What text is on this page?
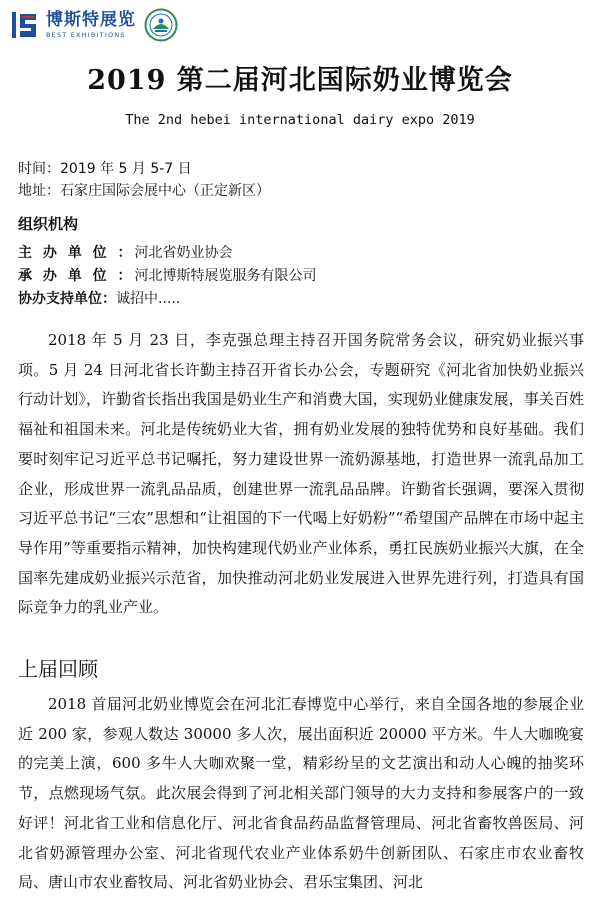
博斯特展览
BEST EXHIBITIONS
2019 第二届河北国际奶业博览会
The 2nd hebei international dairy expo 2019
时间：2019 年 5 月 5-7 日
地址：石家庄国际会展中心（正定新区）
组织机构
主 办 单 位 ：河北省奶业协会
承 办 单 位 ：河北博斯特展览服务有限公司
协办支持单位：诚招中.....
2018 年 5 月 23 日，李克强总理主持召开国务院常务会议，研究奶业振兴事项。5 月 24 日河北省长许勤主持召开省长办公会，专题研究《河北省加快奶业振兴行动计划》，许勤省长指出我国是奶业生产和消费大国，实现奶业健康发展，事关百姓福祉和祖国未来。河北是传统奶业大省，拥有奶业发展的独特优势和良好基础。我们要时刻牢记习近平总书记嘱托，努力建设世界一流奶源基地，打造世界一流乳品加工企业，形成世界一流乳品品质，创建世界一流乳品品牌。许勤省长强调，要深入贯彻习近平总书记“三农”思想和“让祖国的下一代喝上好奶粉”“希望国产品牌在市场中起主导作用”等重要指示精神，加快构建现代奶业产业体系，勇扛民族奶业振兴大旗，在全国率先建成奶业振兴示范省，加快推动河北奶业发展进入世界先进行列，打造具有国际竞争力的乳业产业。
上届回顾
2018 首届河北奶业博览会在河北汇春博览中心举行，来自全国各地的参展企业近 200 家，参观人数达 30000 多人次，展出面积近 20000 平方米。牛人大咖晚宴的完美上演，600 多牛人大咖欢聚一堂，精彩纷呈的文艺演出和动人心魄的抽奖环节，点燃现场气氛。此次展会得到了河北相关部门领导的大力支持和参展客户的一致好评！河北省工业和信息化厅、河北省食品药品监督管理局、河北省畜牧兽医局、河北省奶源管理办公室、河北省现代农业产业体系奶牛创新团队、石家庄市农业畜牧局、唐山市农业畜牧局、河北省奶业协会、君乐宝集团、河北
